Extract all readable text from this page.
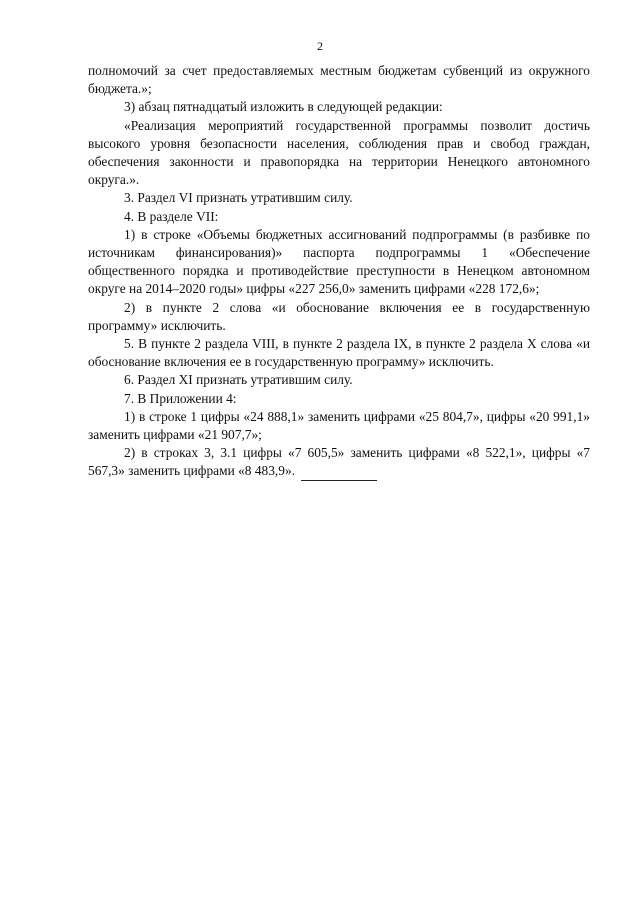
2

полномочий за счет предоставляемых местным бюджетам субвенций из окружного бюджета.»;

3) абзац пятнадцатый изложить в следующей редакции:

«Реализация мероприятий государственной программы позволит достичь высокого уровня безопасности населения, соблюдения прав и свобод граждан, обеспечения законности и правопорядка на территории Ненецкого автономного округа.».

3. Раздел VI признать утратившим силу.

4. В разделе VII:

1) в строке «Объемы бюджетных ассигнований подпрограммы (в разбивке по источникам финансирования)» паспорта подпрограммы 1 «Обеспечение общественного порядка и противодействие преступности в Ненецком автономном округе на 2014–2020 годы» цифры «227 256,0» заменить цифрами «228 172,6»;

2) в пункте 2 слова «и обоснование включения ее в государственную программу» исключить.

5. В пункте 2 раздела VIII, в пункте 2 раздела IX, в пункте 2 раздела X слова «и обоснование включения ее в государственную программу» исключить.

6. Раздел XI признать утратившим силу.

7. В Приложении 4:

1) в строке 1 цифры «24 888,1» заменить цифрами «25 804,7», цифры «20 991,1» заменить цифрами «21 907,7»;

2) в строках 3, 3.1 цифры «7 605,5» заменить цифрами «8 522,1», цифры «7 567,3» заменить цифрами «8 483,9».
